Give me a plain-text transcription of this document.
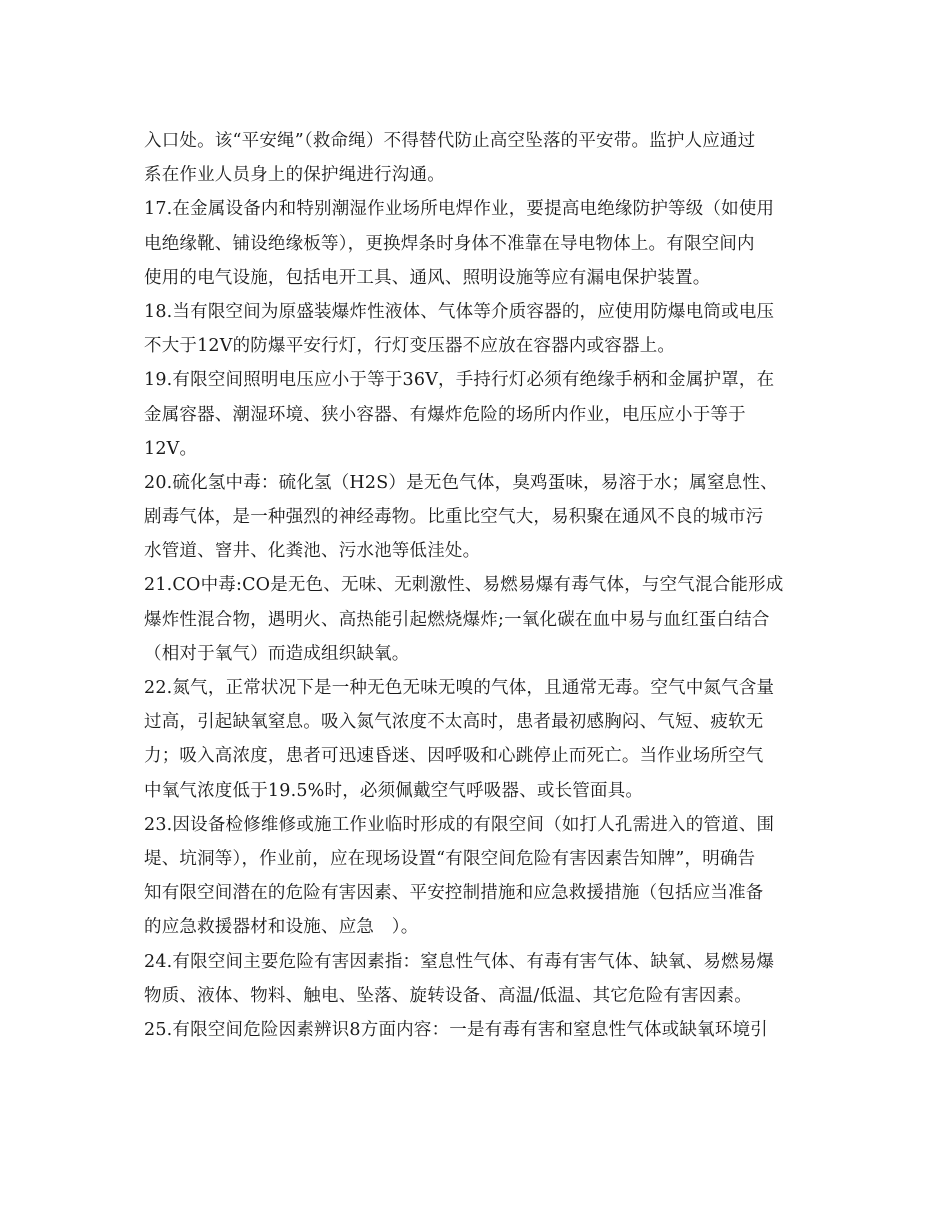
入口处。该“平安绳”（救命绳）不得替代防止高空坠落的平安带。监护人应通过
系在作业人员身上的保护绳进行沟通。
17.在金属设备内和特别潮湿作业场所电焊作业，要提高电绝缘防护等级（如使用
电绝缘靴、铺设绝缘板等），更换焊条时身体不准靠在导电物体上。有限空间内
使用的电气设施，包括电开工具、通风、照明设施等应有漏电保护装置。
18.当有限空间为原盛装爆炸性液体、气体等介质容器的，应使用防爆电筒或电压
不大于12V的防爆平安行灯，行灯变压器不应放在容器内或容器上。
19.有限空间照明电压应小于等于36V，手持行灯必须有绝缘手柄和金属护罩，在
金属容器、潮湿环境、狭小容器、有爆炸危险的场所内作业，电压应小于等于
12V。
20.硫化氢中毒：硫化氢（H2S）是无色气体，臭鸡蛋味，易溶于水；属窒息性、
剧毒气体，是一种强烈的神经毒物。比重比空气大，易积聚在通风不良的城市污
水管道、窨井、化粪池、污水池等低洼处。
21.CO中毒:CO是无色、无味、无刺激性、易燃易爆有毒气体，与空气混合能形成
爆炸性混合物，遇明火、高热能引起燃烧爆炸;一氧化碳在血中易与血红蛋白结合
（相对于氧气）而造成组织缺氧。
22.氮气，正常状况下是一种无色无味无嗅的气体，且通常无毒。空气中氮气含量
过高，引起缺氧窒息。吸入氮气浓度不太高时，患者最初感胸闷、气短、疲软无
力；吸入高浓度，患者可迅速昏迷、因呼吸和心跳停止而死亡。当作业场所空气
中氧气浓度低于19.5%时，必须佩戴空气呼吸器、或长管面具。
23.因设备检修维修或施工作业临时形成的有限空间（如打人孔需进入的管道、围
堤、坑洞等），作业前，应在现场设置“有限空间危险有害因素告知牌”，明确告
知有限空间潜在的危险有害因素、平安控制措施和应急救援措施（包括应当准备
的应急救援器材和设施、应急　）。
24.有限空间主要危险有害因素指：窒息性气体、有毒有害气体、缺氧、易燃易爆
物质、液体、物料、触电、坠落、旋转设备、高温/低温、其它危险有害因素。
25.有限空间危险因素辨识8方面内容：一是有毒有害和窒息性气体或缺氧环境引
